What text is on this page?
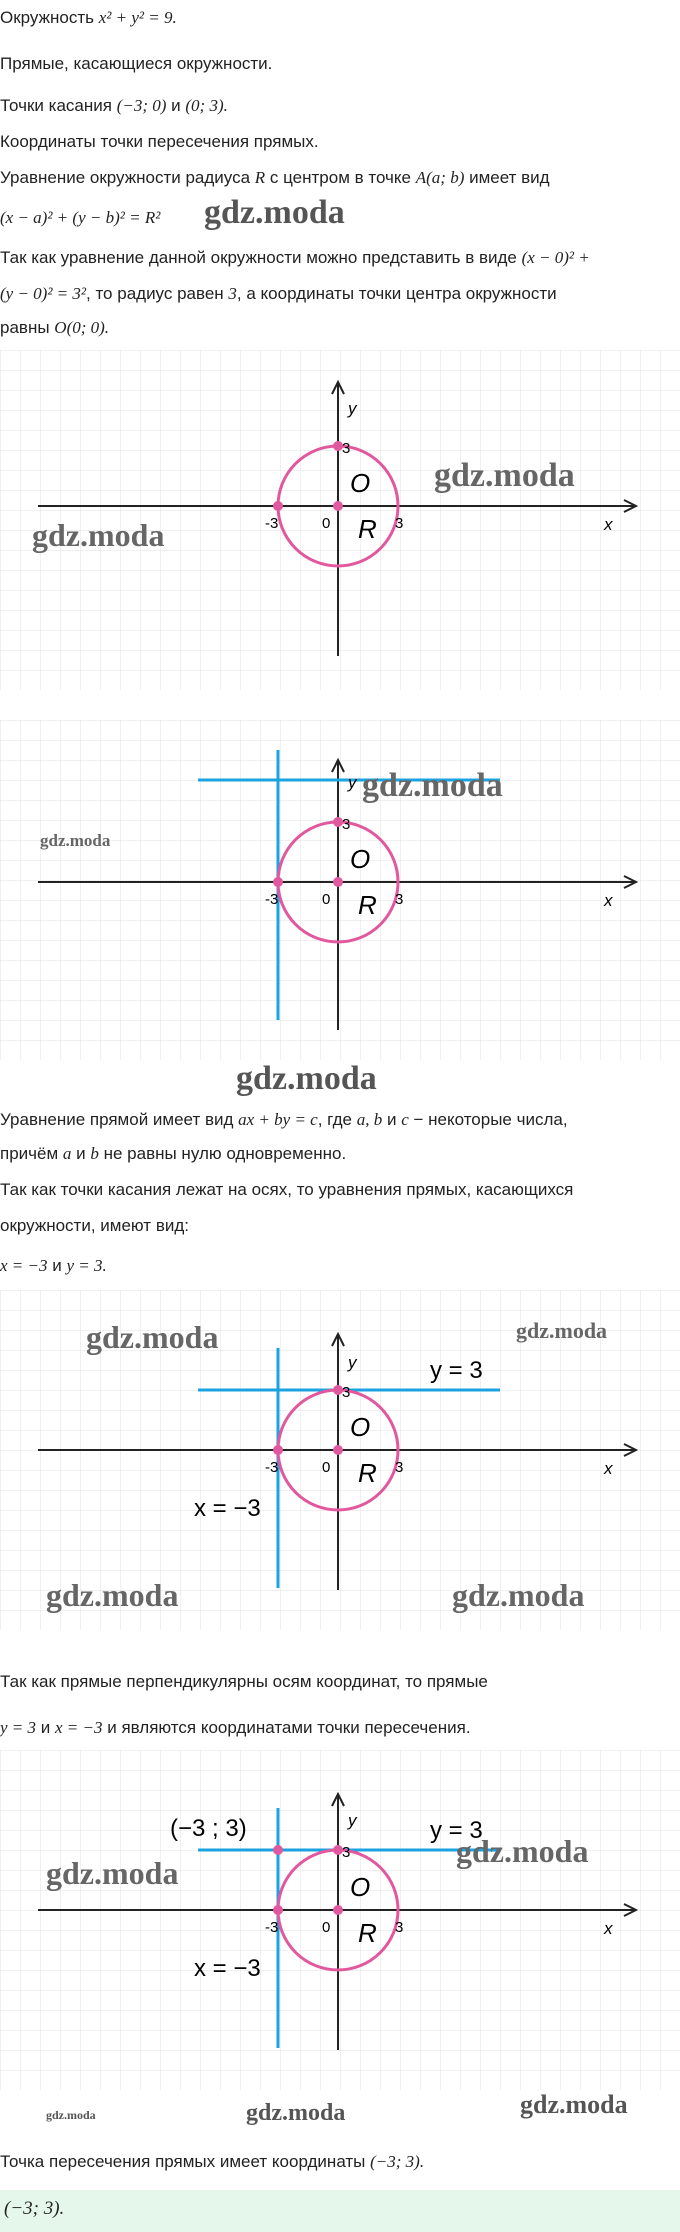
Окружность x² + y² = 9.
Прямые, касающиеся окружности.
Точки касания (−3; 0) и (0; 3).
Координаты точки пересечения прямых.
Уравнение окружности радиуса R с центром в точке A(a; b) имеет вид
(x − a)² + (y − b)² = R² gdz.moda
Так как уравнение данной окружности можно представить в виде (x − 0)² +
(y − 0)² = 3², то радиус равен 3, а координаты точки центра окружности
равны O(0; 0).
y
x
0
-3	3
3
O
R
gdz.moda
gdz.moda
y
x
0
-3	3
3
O
R
gdz.moda
gdz.moda
gdz.moda
Уравнение прямой имеет вид ax + by = c, где a, b и c − некоторые числа,
причём a и b не равны нулю одновременно.
Так как точки касания лежат на осях, то уравнения прямых, касающихся
окружности, имеют вид:
x = −3 и y = 3.
y
x
0
-3	3
3
O
R
y = 3
x = −3
gdz.moda	gdz.moda
gdz.moda	gdz.moda
Так как прямые перпендикулярны осям координат, то прямые
y = 3 и x = −3 и являются координатами точки пересечения.
y
x
0
-3	3
3
O
R
y = 3
x = −3
(−3 ; 3)
gdz.moda
gdz.moda
gdz.moda	gdz.moda	gdz.moda
Точка пересечения прямых имеет координаты (−3; 3).
(−3; 3).
